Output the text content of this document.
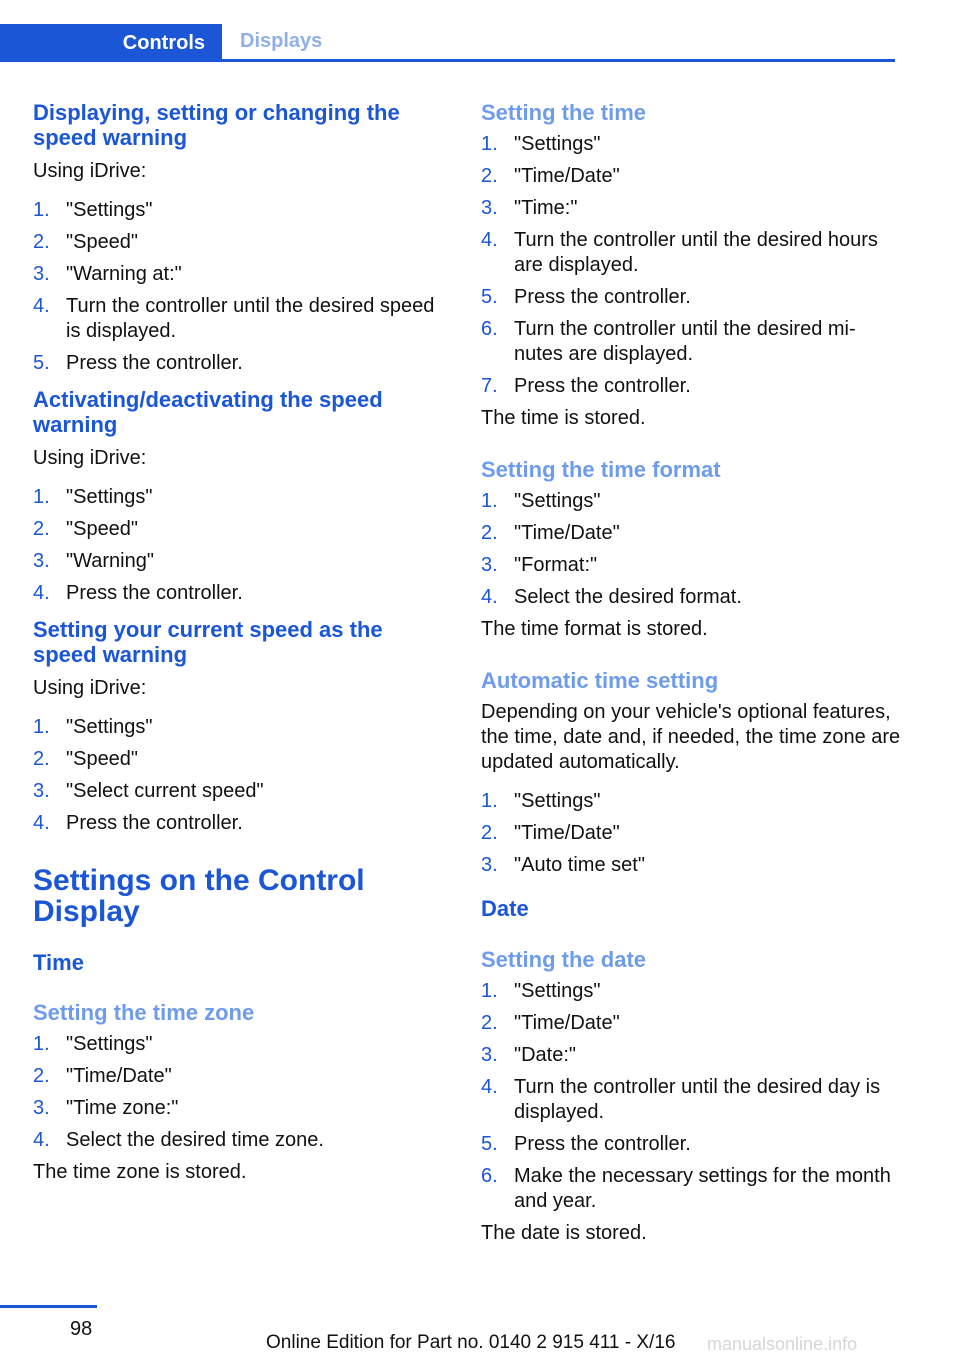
Controls	Displays
Displaying, setting or changing the speed warning

Using iDrive:

1. "Settings"
2. "Speed"
3. "Warning at:"
4. Turn the controller until the desired speed is displayed.
5. Press the controller.
Activating/deactivating the speed warning

Using iDrive:

1. "Settings"
2. "Speed"
3. "Warning"
4. Press the controller.
Setting your current speed as the speed warning

Using iDrive:

1. "Settings"
2. "Speed"
3. "Select current speed"
4. Press the controller.
Settings on the Control Display
Time
Setting the time zone
1. "Settings"
2. "Time/Date"
3. "Time zone:"
4. Select the desired time zone.

The time zone is stored.

Setting the time
1. "Settings"
2. "Time/Date"
3. "Time:"
4. Turn the controller until the desired hours are displayed.
5. Press the controller.
6. Turn the controller until the desired mi-nutes are displayed.
7. Press the controller.

The time is stored.

Setting the time format
1. "Settings"
2. "Time/Date"
3. "Format:"
4. Select the desired format.

The time format is stored.

Automatic time setting

Depending on your vehicle's optional features, the time, date and, if needed, the time zone are updated automatically.

1. "Settings"
2. "Time/Date"
3. "Auto time set"
Date
Setting the date
1. "Settings"
2. "Time/Date"
3. "Date:"
4. Turn the controller until the desired day is displayed.
5. Press the controller.
6. Make the necessary settings for the month and year.

The date is stored.

98
Online Edition for Part no. 0140 2 915 411 - X/16 manualsonline.info
